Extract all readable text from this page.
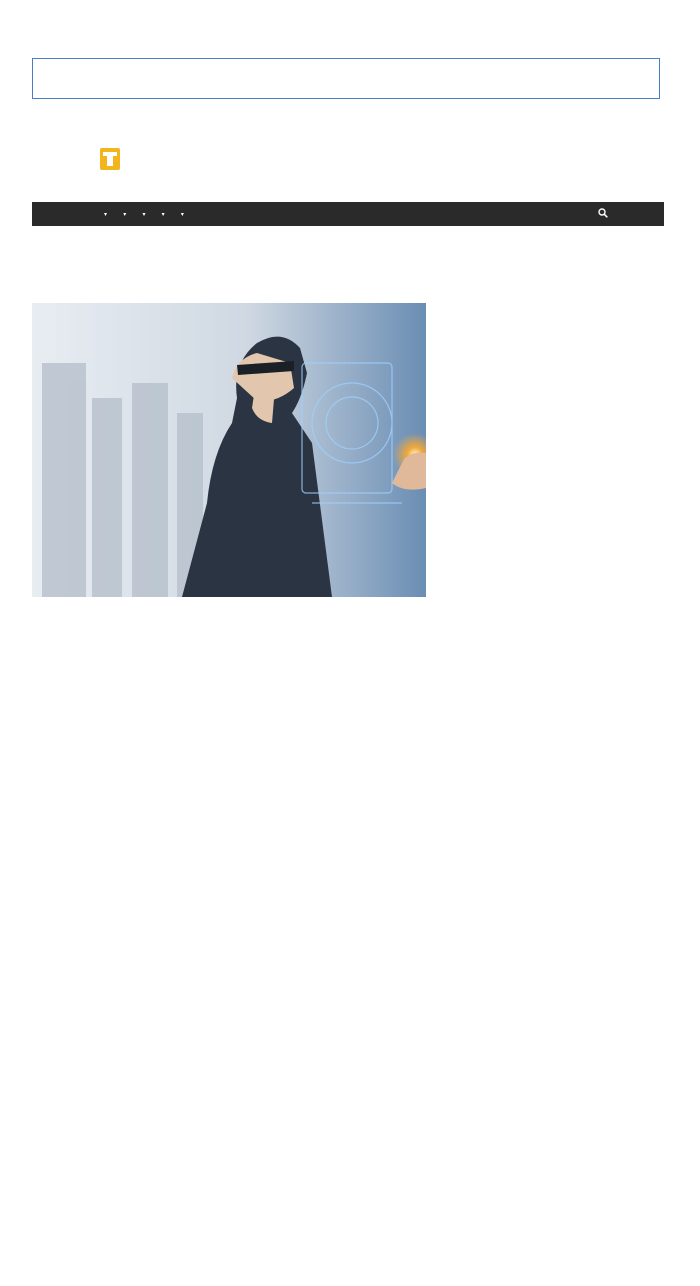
▾	▾	▾	▾	▾
